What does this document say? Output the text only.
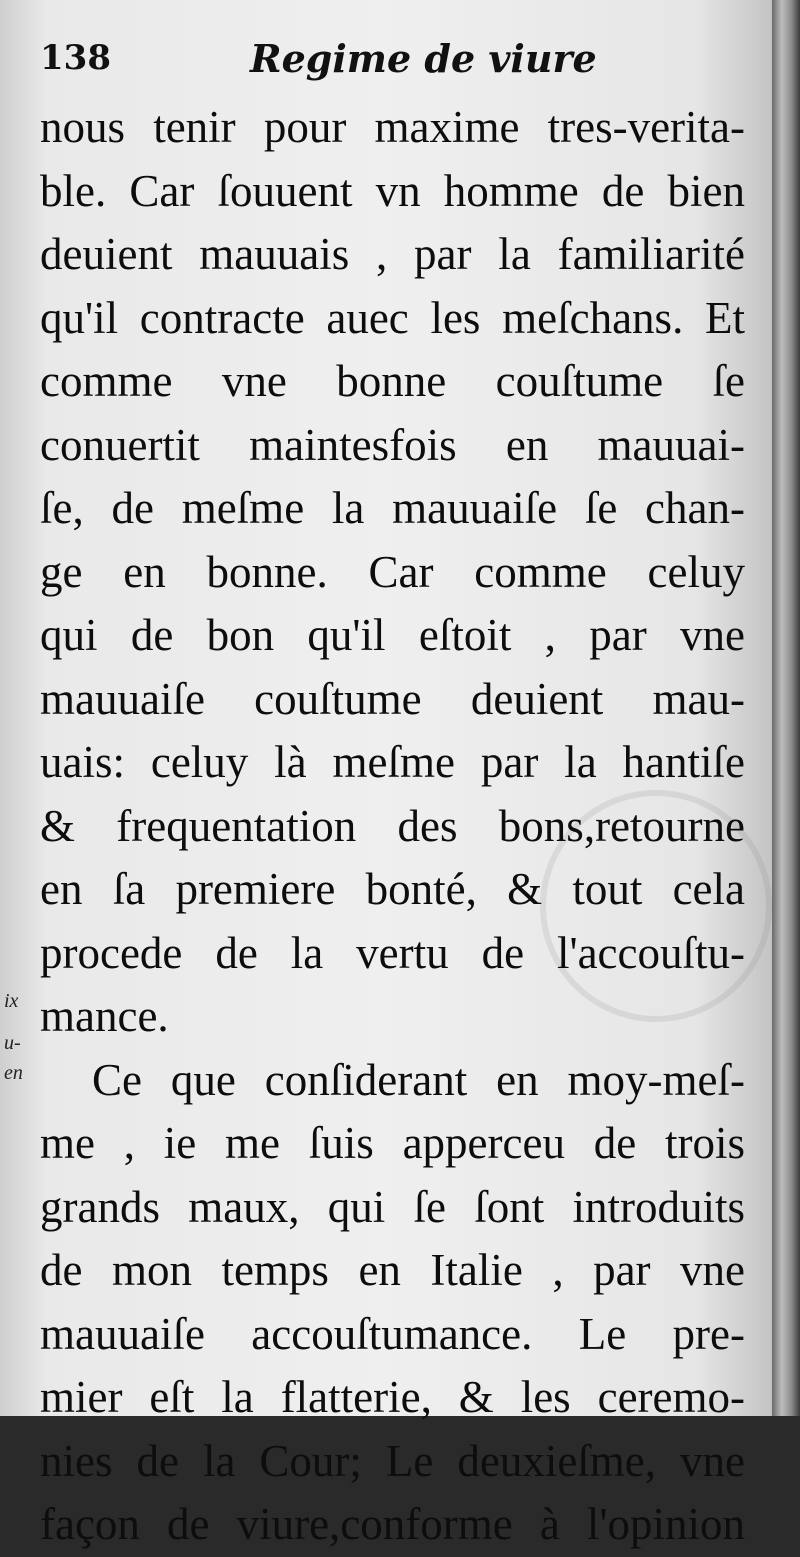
138	Regime de viure
nous tenir pour maxime tres-verita-
ble. Car ſouuent vn homme de bien
deuient mauuais , par la familiarité
qu'il contracte auec les meſchans. Et
comme vne bonne couſtume ſe
conuertit maintesfois en mauuai-
ſe, de meſme la mauuaiſe ſe chan-
ge en bonne. Car comme celuy
qui de bon qu'il eſtoit , par vne
mauuaiſe couſtume deuient mau-
uais: celuy là meſme par la hantiſe
& frequentation des bons,retourne
en ſa premiere bonté, & tout cela
procede de la vertu de l'accouſtu-
mance.
Ce que conſiderant en moy-meſ-
me , ie me ſuis apperceu de trois
grands maux, qui ſe ſont introduits
de mon temps en Italie , par vne
mauuaiſe accouſtumance. Le pre-
mier eſt la flatterie, & les ceremo-
nies de la Cour; Le deuxieſme, vne
façon de viure,conforme à l'opinion
ix
u-
en
